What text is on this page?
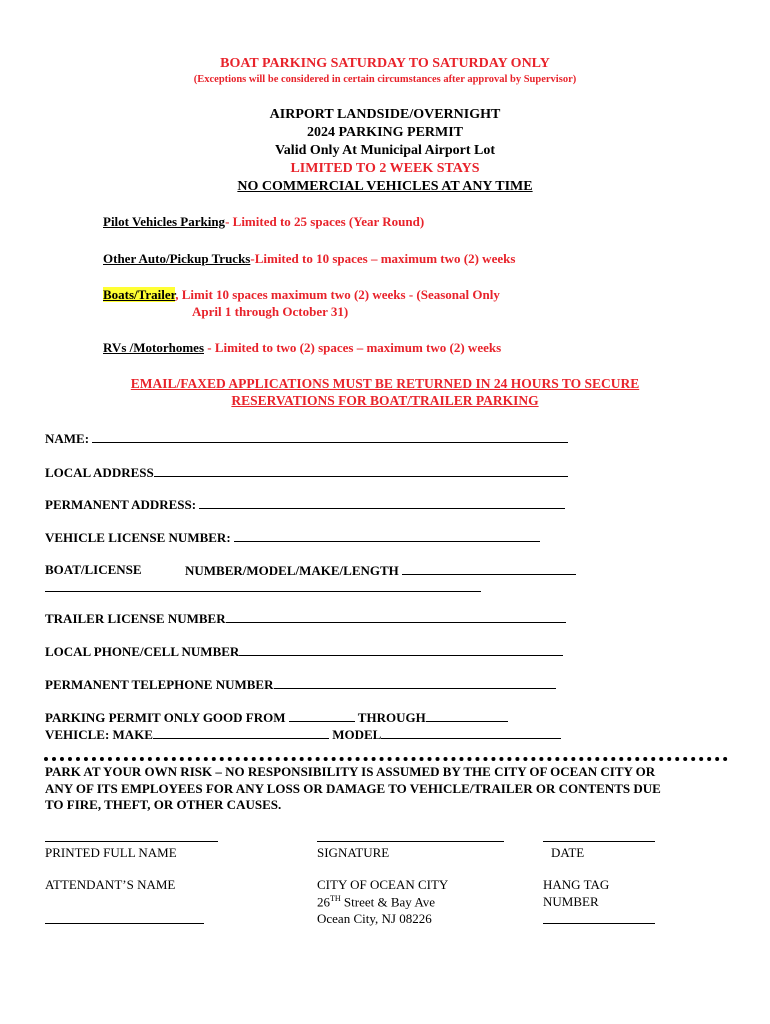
BOAT PARKING SATURDAY TO SATURDAY ONLY
(Exceptions will be considered in certain circumstances after approval by Supervisor)
AIRPORT LANDSIDE/OVERNIGHT
2024 PARKING PERMIT
Valid Only At Municipal Airport Lot
LIMITED TO 2 WEEK STAYS
NO COMMERCIAL VEHICLES AT ANY TIME
Pilot Vehicles Parking- Limited to 25 spaces (Year Round)
Other Auto/Pickup Trucks-Limited to 10 spaces – maximum two (2) weeks
Boats/Trailer, Limit 10 spaces maximum two (2) weeks - (Seasonal Only
April 1 through October 31)
RVs /Motorhomes - Limited to two (2) spaces – maximum two (2) weeks
EMAIL/FAXED APPLICATIONS MUST BE RETURNED IN 24 HOURS TO SECURE
RESERVATIONS FOR BOAT/TRAILER PARKING
NAME:
LOCAL ADDRESS
PERMANENT ADDRESS:
VEHICLE LICENSE NUMBER:
BOAT/LICENSE	NUMBER/MODEL/MAKE/LENGTH
TRAILER LICENSE NUMBER
LOCAL PHONE/CELL NUMBER
PERMANENT TELEPHONE NUMBER
PARKING PERMIT ONLY GOOD FROM	THROUGH
VEHICLE: MAKE	MODEL
PARK AT YOUR OWN RISK – NO RESPONSIBILITY IS ASSUMED BY THE CITY OF OCEAN CITY OR
ANY OF ITS EMPLOYEES FOR ANY LOSS OR DAMAGE TO VEHICLE/TRAILER OR CONTENTS DUE
TO FIRE, THEFT, OR OTHER CAUSES.
PRINTED FULL NAME	SIGNATURE	DATE
ATTENDANT’S NAME	CITY OF OCEAN CITY
26TH Street & Bay Ave
Ocean City, NJ 08226
HANG TAG
NUMBER
